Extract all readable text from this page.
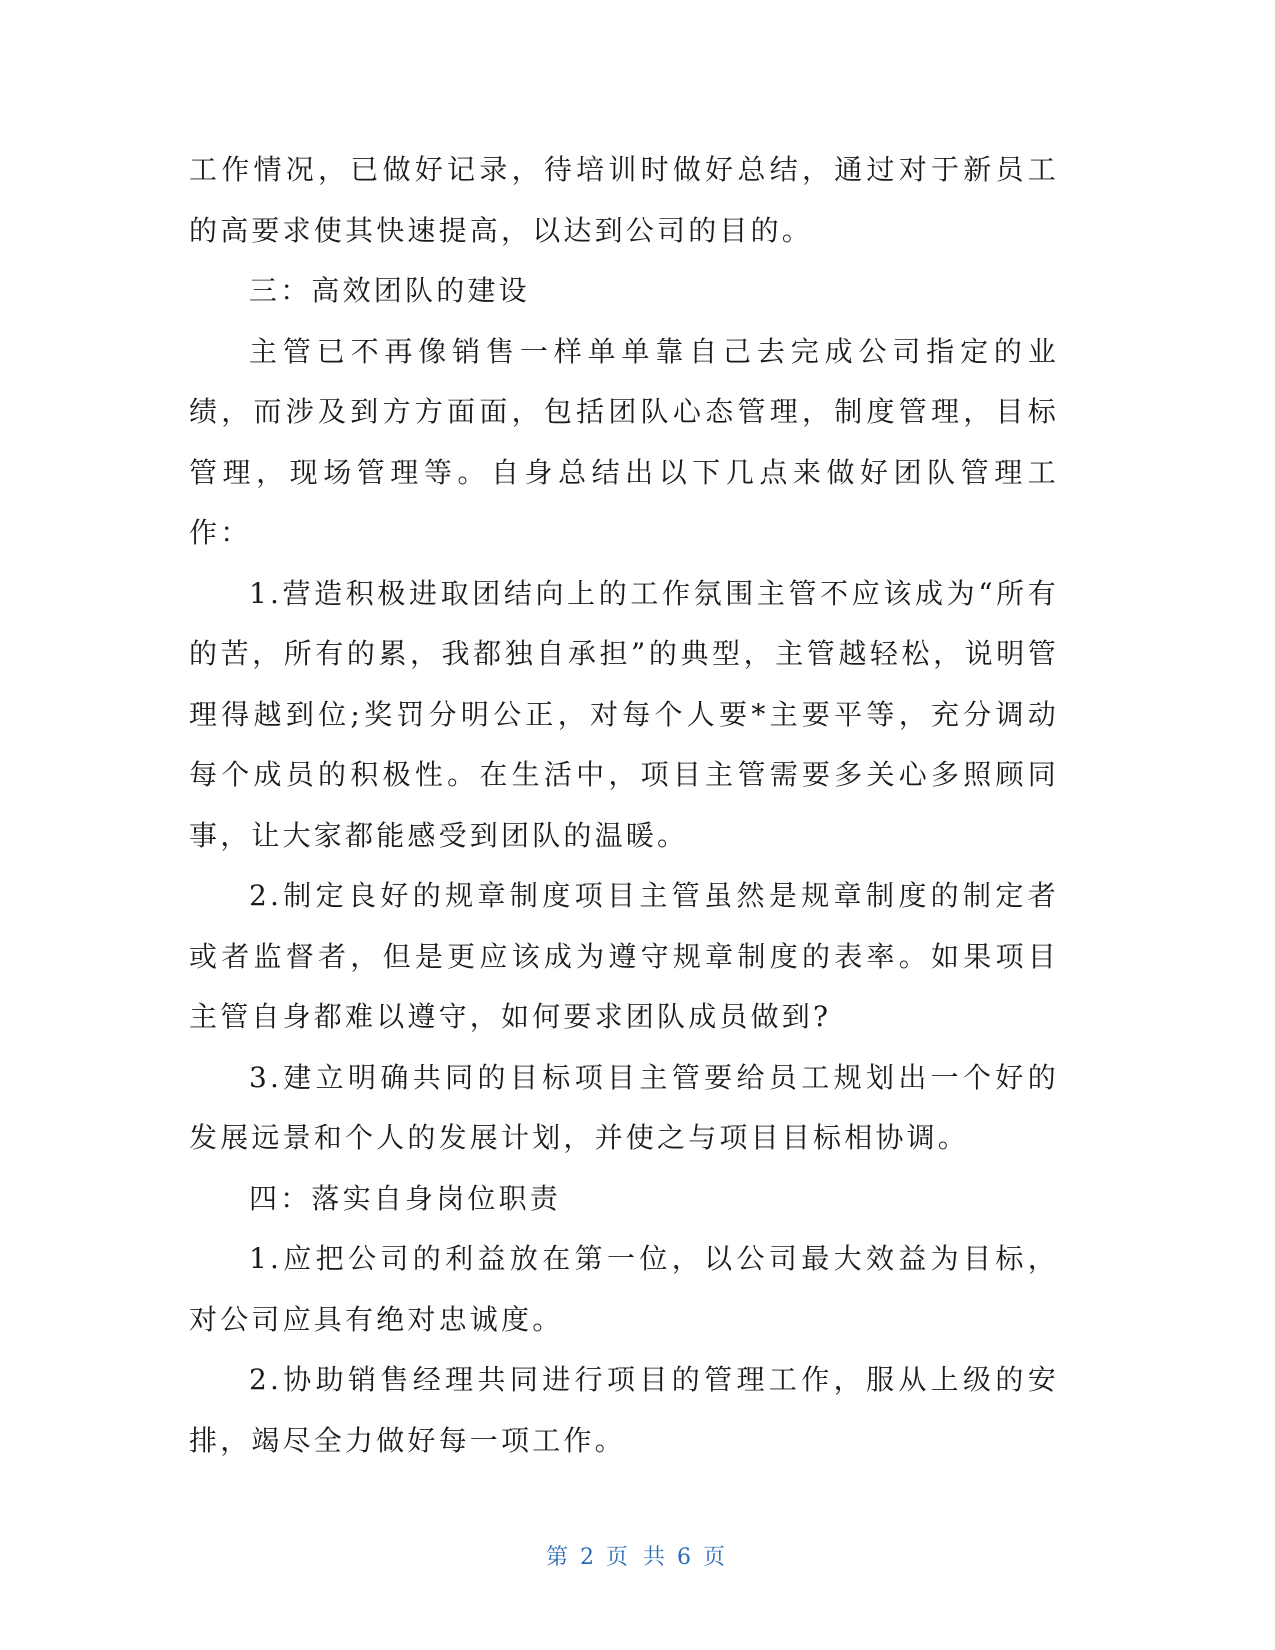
工作情况，已做好记录，待培训时做好总结，通过对于新员工的高要求使其快速提高，以达到公司的目的。

三：高效团队的建设

主管已不再像销售一样单单靠自己去完成公司指定的业绩，而涉及到方方面面，包括团队心态管理，制度管理，目标管理，现场管理等。自身总结出以下几点来做好团队管理工作：

1.营造积极进取团结向上的工作氛围主管不应该成为“所有的苦，所有的累，我都独自承担”的典型，主管越轻松，说明管理得越到位;奖罚分明公正，对每个人要*主要平等，充分调动每个成员的积极性。在生活中，项目主管需要多关心多照顾同事，让大家都能感受到团队的温暖。

2.制定良好的规章制度项目主管虽然是规章制度的制定者或者监督者，但是更应该成为遵守规章制度的表率。如果项目主管自身都难以遵守，如何要求团队成员做到?

3.建立明确共同的目标项目主管要给员工规划出一个好的发展远景和个人的发展计划，并使之与项目目标相协调。

四：落实自身岗位职责

1.应把公司的利益放在第一位，以公司最大效益为目标，对公司应具有绝对忠诚度。

2.协助销售经理共同进行项目的管理工作，服从上级的安排，竭尽全力做好每一项工作。

第 2 页 共 6 页
